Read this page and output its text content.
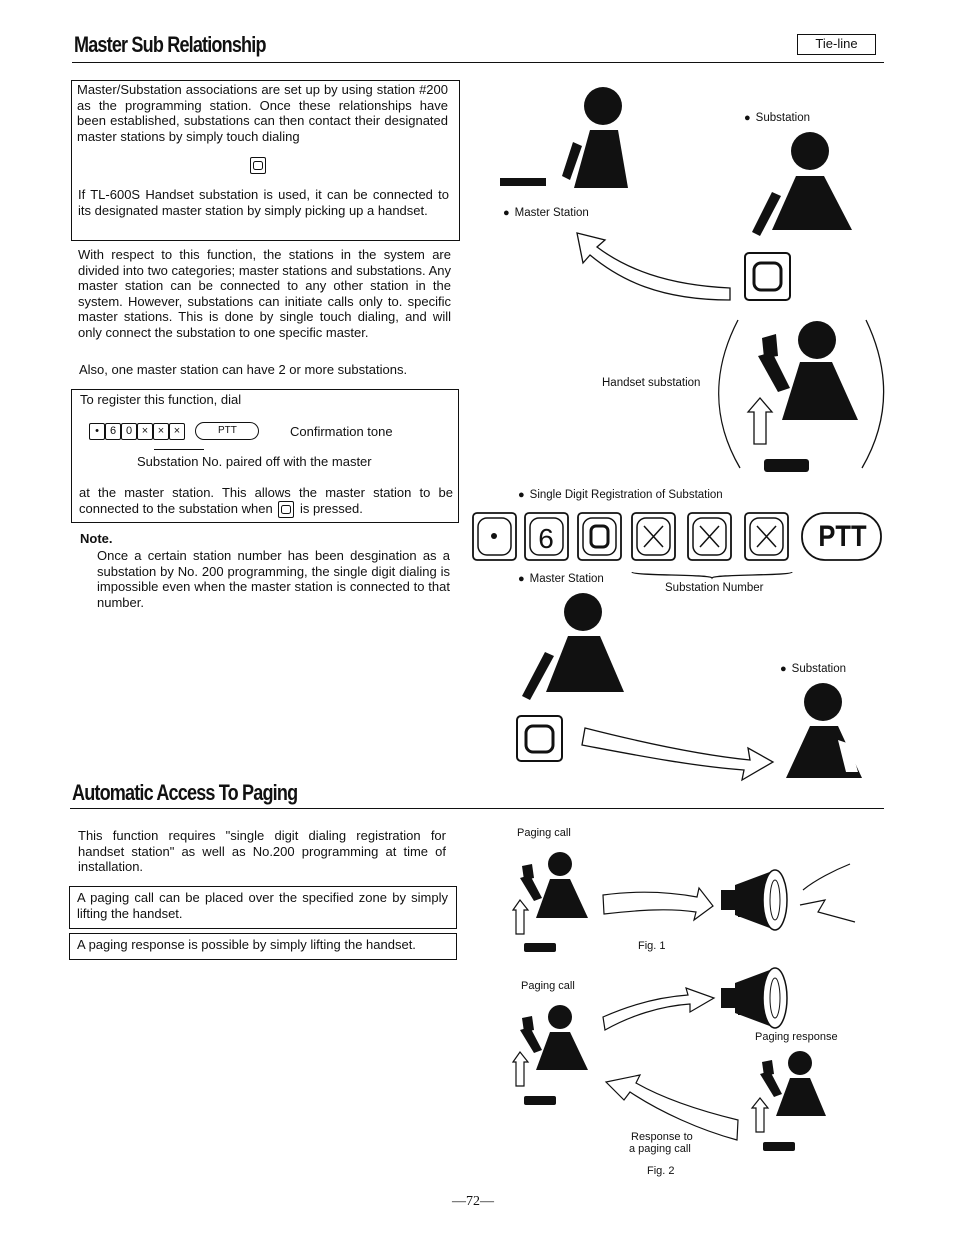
Master Sub Relationship	Tie-line
Master/Substation associations are set up by using station #200 as the programming station. Once these relationships have been established, substations can then contact their designated master stations by simply touch dialing
If TL-600S Handset substation is used, it can be connected to its designated master station by simply picking up a handset.
With respect to this function, the stations in the system are divided into two categories; master stations and substations. Any master station can be connected to any other station in the system. However, substations can initiate calls only to. specific master stations. This is done by single touch dialing, and will only connect the substation to one specific master.
Also, one master station can have 2 or more substations.
To register this function, dial
• 6 0 × × ×	PTT	Confirmation tone
Substation No. paired off with the master
at the master station. This allows the master station to be connected to the substation when is pressed.
Note.
Once a certain station number has been desgination as a substation by No. 200 programming, the single digit dialing is impossible even when the master station is connected to that number.
6
● Substation
● Master Station
Handset substation
● Single Digit Registration of Substation
PTT
● Master Station
Substation Number
● Substation
Automatic Access To Paging
This function requires "single digit dialing registration for handset station" as well as No.200 programming at time of installation.
A paging call can be placed over the specified zone by simply lifting the handset.
A paging response is possible by simply lifting the handset.
Paging call
Fig. 1
Paging call
Paging response
Response to
a paging call
Fig. 2
—72—
